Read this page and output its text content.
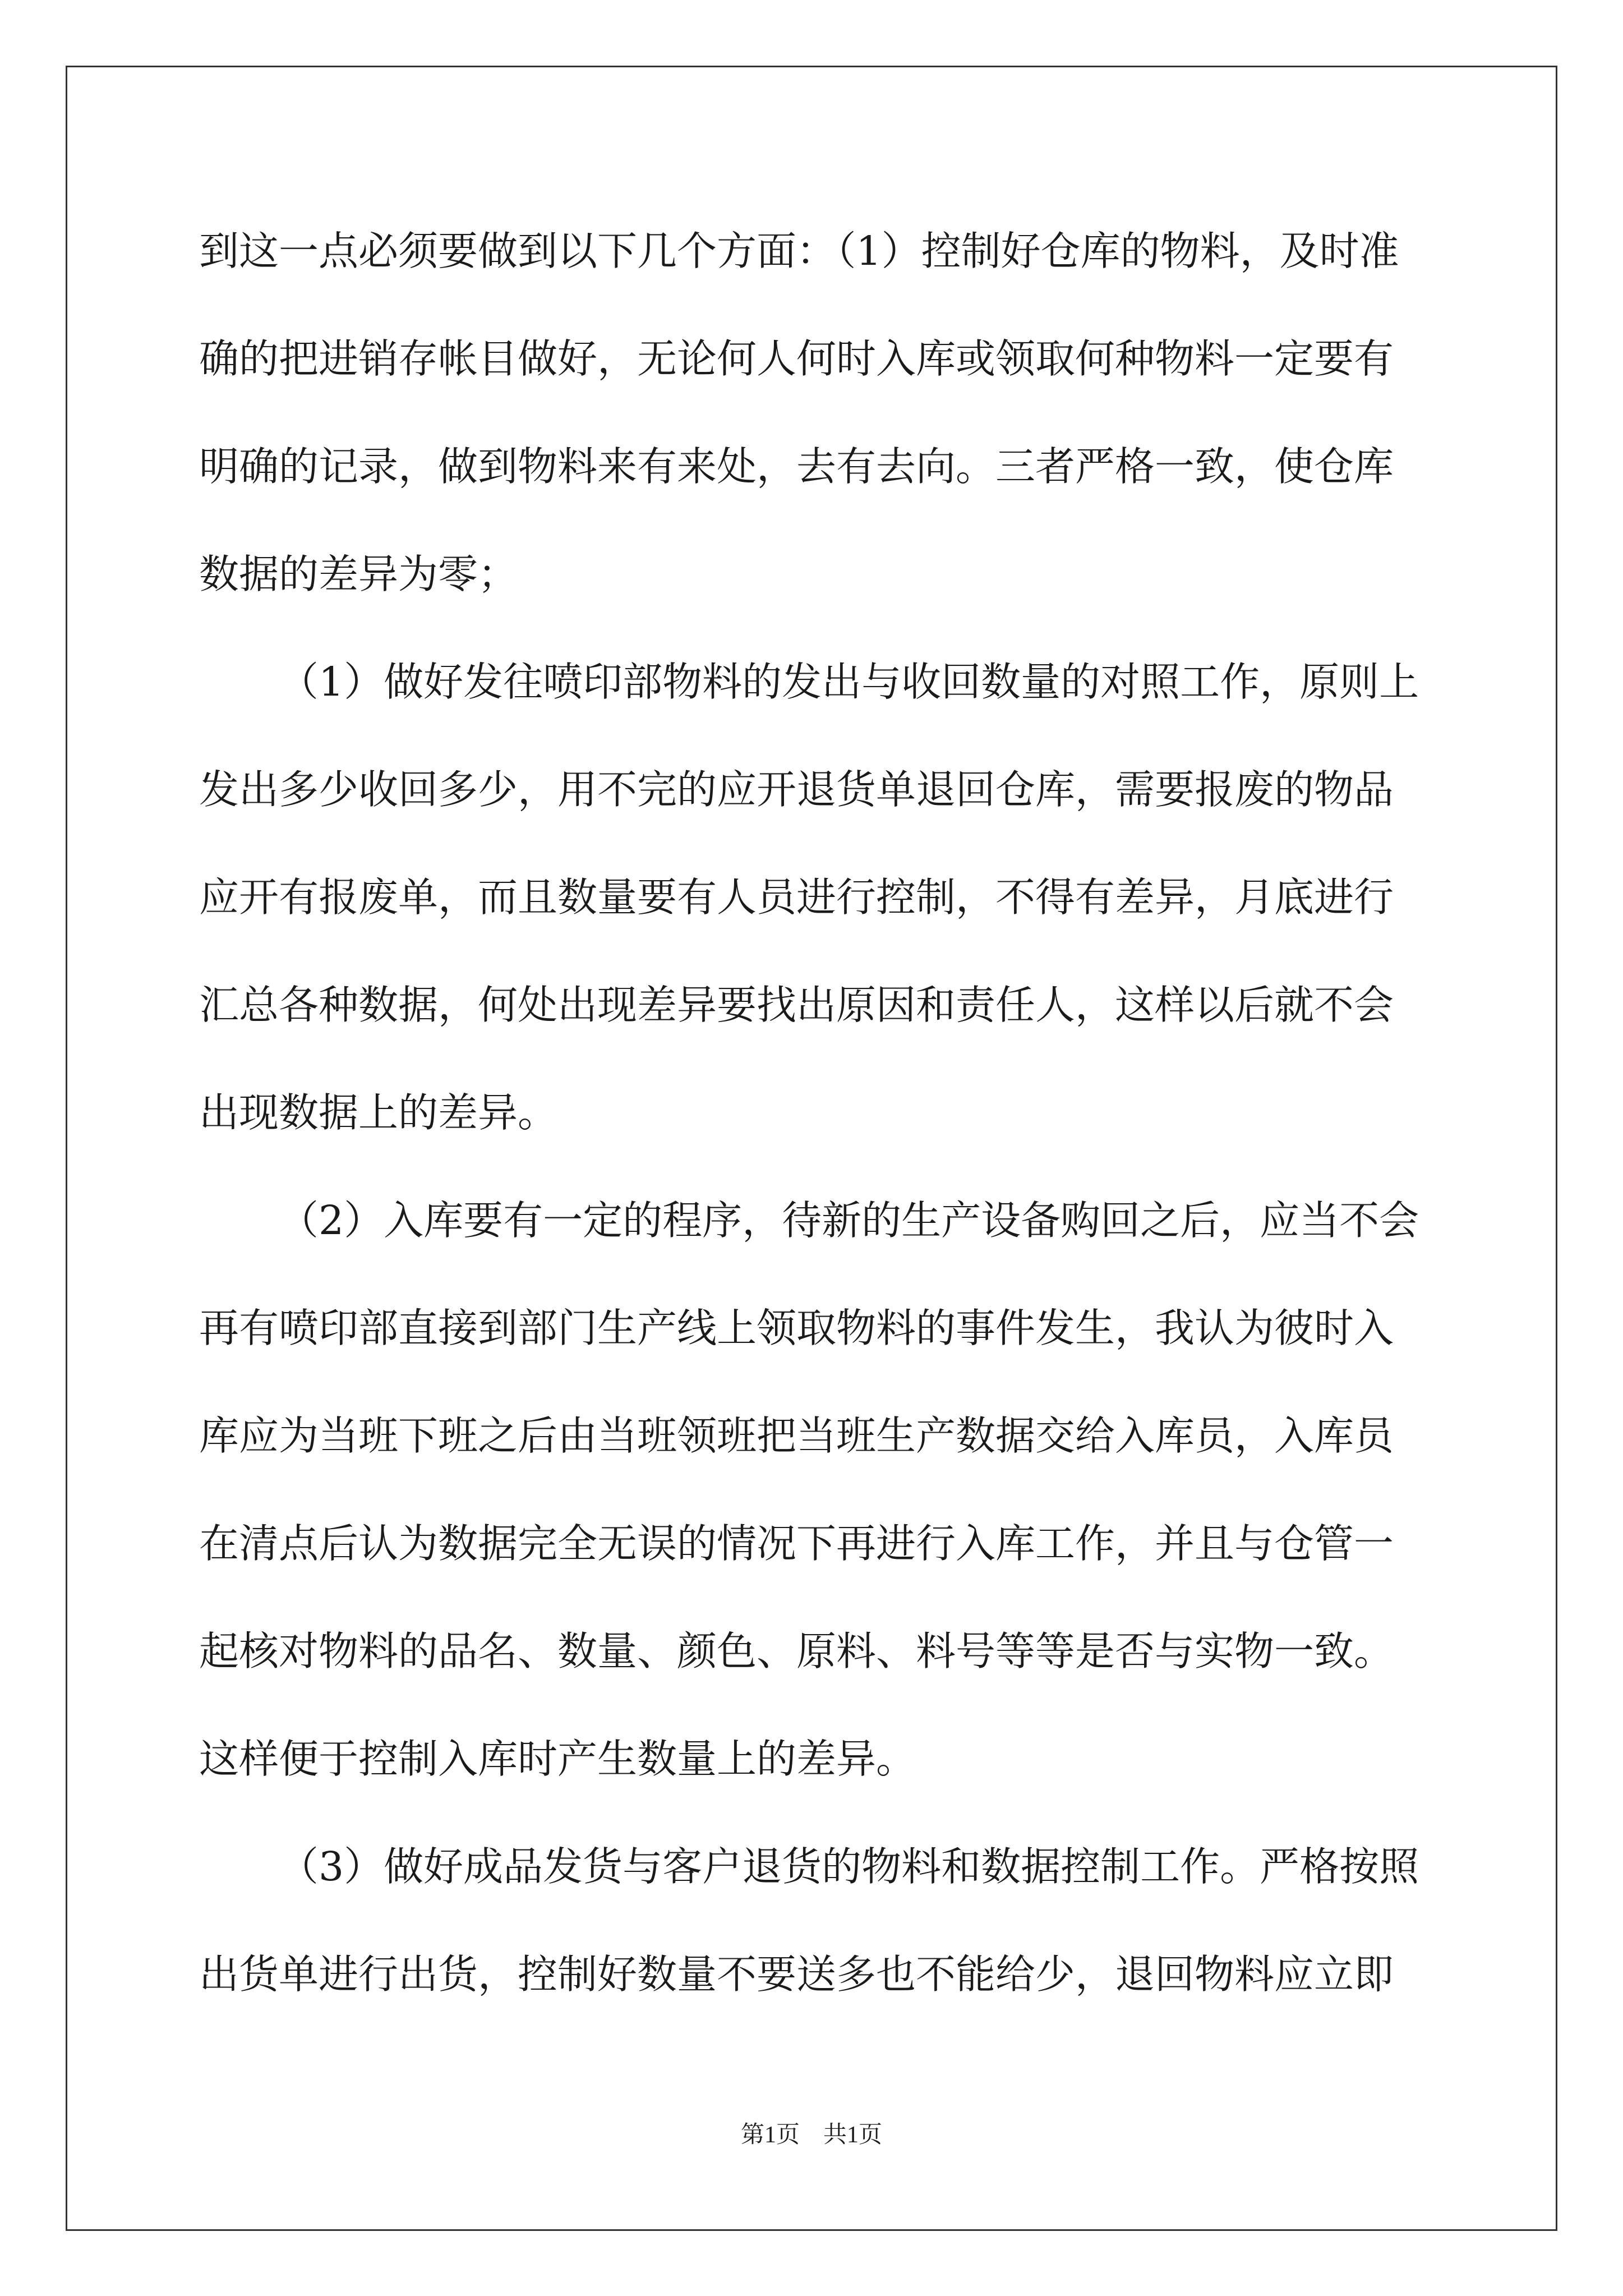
到这一点必须要做到以下几个方面：（1）控制好仓库的物料，及时准
确的把进销存帐目做好，无论何人何时入库或领取何种物料一定要有
明确的记录，做到物料来有来处，去有去向。三者严格一致，使仓库
数据的差异为零；
（1）做好发往喷印部物料的发出与收回数量的对照工作，原则上
发出多少收回多少，用不完的应开退货单退回仓库，需要报废的物品
应开有报废单，而且数量要有人员进行控制，不得有差异，月底进行
汇总各种数据，何处出现差异要找出原因和责任人，这样以后就不会
出现数据上的差异。
（2）入库要有一定的程序，待新的生产设备购回之后，应当不会
再有喷印部直接到部门生产线上领取物料的事件发生，我认为彼时入
库应为当班下班之后由当班领班把当班生产数据交给入库员，入库员
在清点后认为数据完全无误的情况下再进行入库工作，并且与仓管一
起核对物料的品名、数量、颜色、原料、料号等等是否与实物一致。
这样便于控制入库时产生数量上的差异。
（3）做好成品发货与客户退货的物料和数据控制工作。严格按照
出货单进行出货，控制好数量不要送多也不能给少，退回物料应立即
第1页　共1页
